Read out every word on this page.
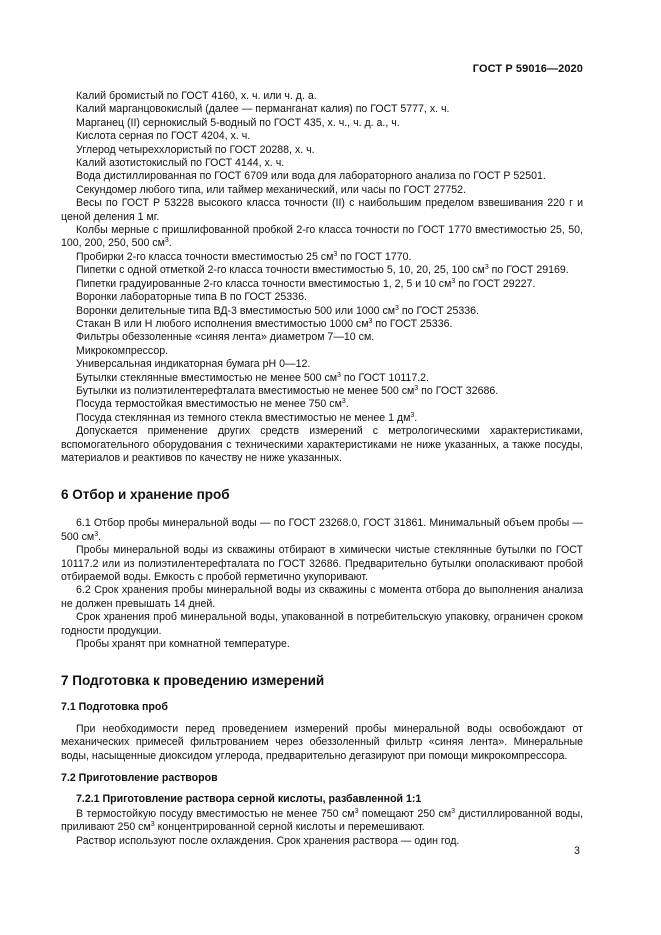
ГОСТ Р 59016—2020

Калий бромистый по ГОСТ 4160, х. ч. или ч. д. а.

Калий марганцовокислый (далее — перманганат калия) по ГОСТ 5777, х. ч.

Марганец (II) сернокислый 5-водный по ГОСТ 435, х. ч., ч. д. а., ч.

Кислота серная по ГОСТ 4204, х. ч.

Углерод четыреххлористый по ГОСТ 20288, х. ч.

Калий азотистокислый по ГОСТ 4144, х. ч.

Вода дистиллированная по ГОСТ 6709 или вода для лабораторного анализа по ГОСТ Р 52501.

Секундомер любого типа, или таймер механический, или часы по ГОСТ 27752.

Весы по ГОСТ Р 53228 высокого класса точности (II) с наибольшим пределом взвешивания 220 г и ценой деления 1 мг.

Колбы мерные с пришлифованной пробкой 2-го класса точности по ГОСТ 1770 вместимостью 25, 50, 100, 200, 250, 500 $см^3$.

Пробирки 2-го класса точности вместимостью 25 $см^3$ по ГОСТ 1770.

Пипетки с одной отметкой 2-го класса точности вместимостью 5, 10, 20, 25, 100 $см^3$ по ГОСТ 29169.

Пипетки градуированные 2-го класса точности вместимостью 1, 2, 5 и 10 $см^3$ по ГОСТ 29227.

Воронки лабораторные типа В по ГОСТ 25336.

Воронки делительные типа ВД-3 вместимостью 500 или 1000 $см^3$ по ГОСТ 25336.

Стакан В или Н любого исполнения вместимостью 1000 $см^3$ по ГОСТ 25336.

Фильтры обеззоленные «синяя лента» диаметром 7—10 см.

Микрокомпрессор.

Универсальная индикаторная бумага рН 0—12.

Бутылки стеклянные вместимостью не менее 500 $см^3$ по ГОСТ 10117.2.

Бутылки из полиэтилентерефталата вместимостью не менее 500 $см^3$ по ГОСТ 32686.

Посуда термостойкая вместимостью не менее 750 $см^3$.

Посуда стеклянная из темного стекла вместимостью не менее 1 $дм^3$.

Допускается применение других средств измерений с метрологическими характеристиками, вспомогательного оборудования с техническими характеристиками не ниже указанных, а также посуды, материалов и реактивов по качеству не ниже указанных.

6 Отбор и хранение проб

6.1 Отбор пробы минеральной воды — по ГОСТ 23268.0, ГОСТ 31861. Минимальный объем пробы — 500 $см^3$.

Пробы минеральной воды из скважины отбирают в химически чистые стеклянные бутылки по ГОСТ 10117.2 или из полиэтилентерефталата по ГОСТ 32686. Предварительно бутылки ополаскивают пробой отбираемой воды. Емкость с пробой герметично укупоривают.

6.2 Срок хранения пробы минеральной воды из скважины с момента отбора до выполнения анализа не должен превышать 14 дней.

Срок хранения проб минеральной воды, упакованной в потребительскую упаковку, ограничен сроком годности продукции.

Пробы хранят при комнатной температуре.

7 Подготовка к проведению измерений
7.1 Подготовка проб

При необходимости перед проведением измерений пробы минеральной воды освобождают от механических примесей фильтрованием через обеззоленный фильтр «синяя лента». Минеральные воды, насыщенные диоксидом углерода, предварительно дегазируют при помощи микрокомпрессора.

7.2 Приготовление растворов
7.2.1 Приготовление раствора серной кислоты, разбавленной 1:1

В термостойкую посуду вместимостью не менее 750 $см^3$ помещают 250 $см^3$ дистиллированной воды, приливают 250 $см^3$ концентрированной серной кислоты и перемешивают.

Раствор используют после охлаждения. Срок хранения раствора — один год.

3
